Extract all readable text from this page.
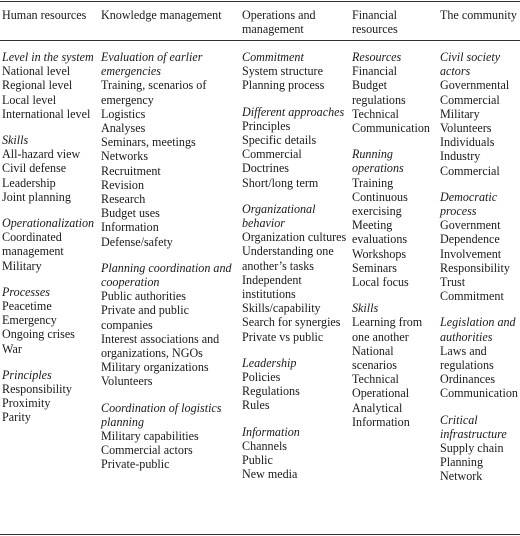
Human resources	Knowledge management	Operations and management
Financial resources
The community
Level in the system
National level
Regional level
Local level
International level
Skills
All-hazard view
Civil defense
Leadership
Joint planning
Operationalization
Coordinated management
Military
Processes
Peacetime
Emergency
Ongoing crises
War
Principles
Responsibility
Proximity
Parity
Evaluation of earlier emergencies
Training, scenarios of emergency
Logistics
Analyses
Seminars, meetings
Networks
Recruitment
Revision
Research
Budget uses
Information
Defense/safety
Planning coordination and cooperation
Public authorities
Private and public companies
Interest associations and organizations, NGOs
Military organizations
Volunteers
Coordination of logistics planning
Military capabilities
Commercial actors
Private-public
Commitment
System structure
Planning process
Different approaches
Principles
Specific details
Commercial
Doctrines
Short/long term
Organizational behavior
Organization cultures
Understanding one another’s tasks
Independent institutions
Skills/capability
Search for synergies
Private vs public
Leadership
Policies
Regulations
Rules
Information
Channels
Public
New media
Resources
Financial
Budget regulations
Technical
Communication
Running operations
Training
Continuous exercising
Meeting evaluations
Workshops
Seminars
Local focus
Skills
Learning from one another
National scenarios
Technical
Operational
Analytical
Information
Civil society actors
Governmental
Commercial
Military
Volunteers
Individuals
Industry
Commercial
Democratic process
Government
Dependence
Involvement
Responsibility
Trust
Commitment
Legislation and authorities
Laws and regulations
Ordinances
Communication
Critical infrastructure
Supply chain
Planning
Network
